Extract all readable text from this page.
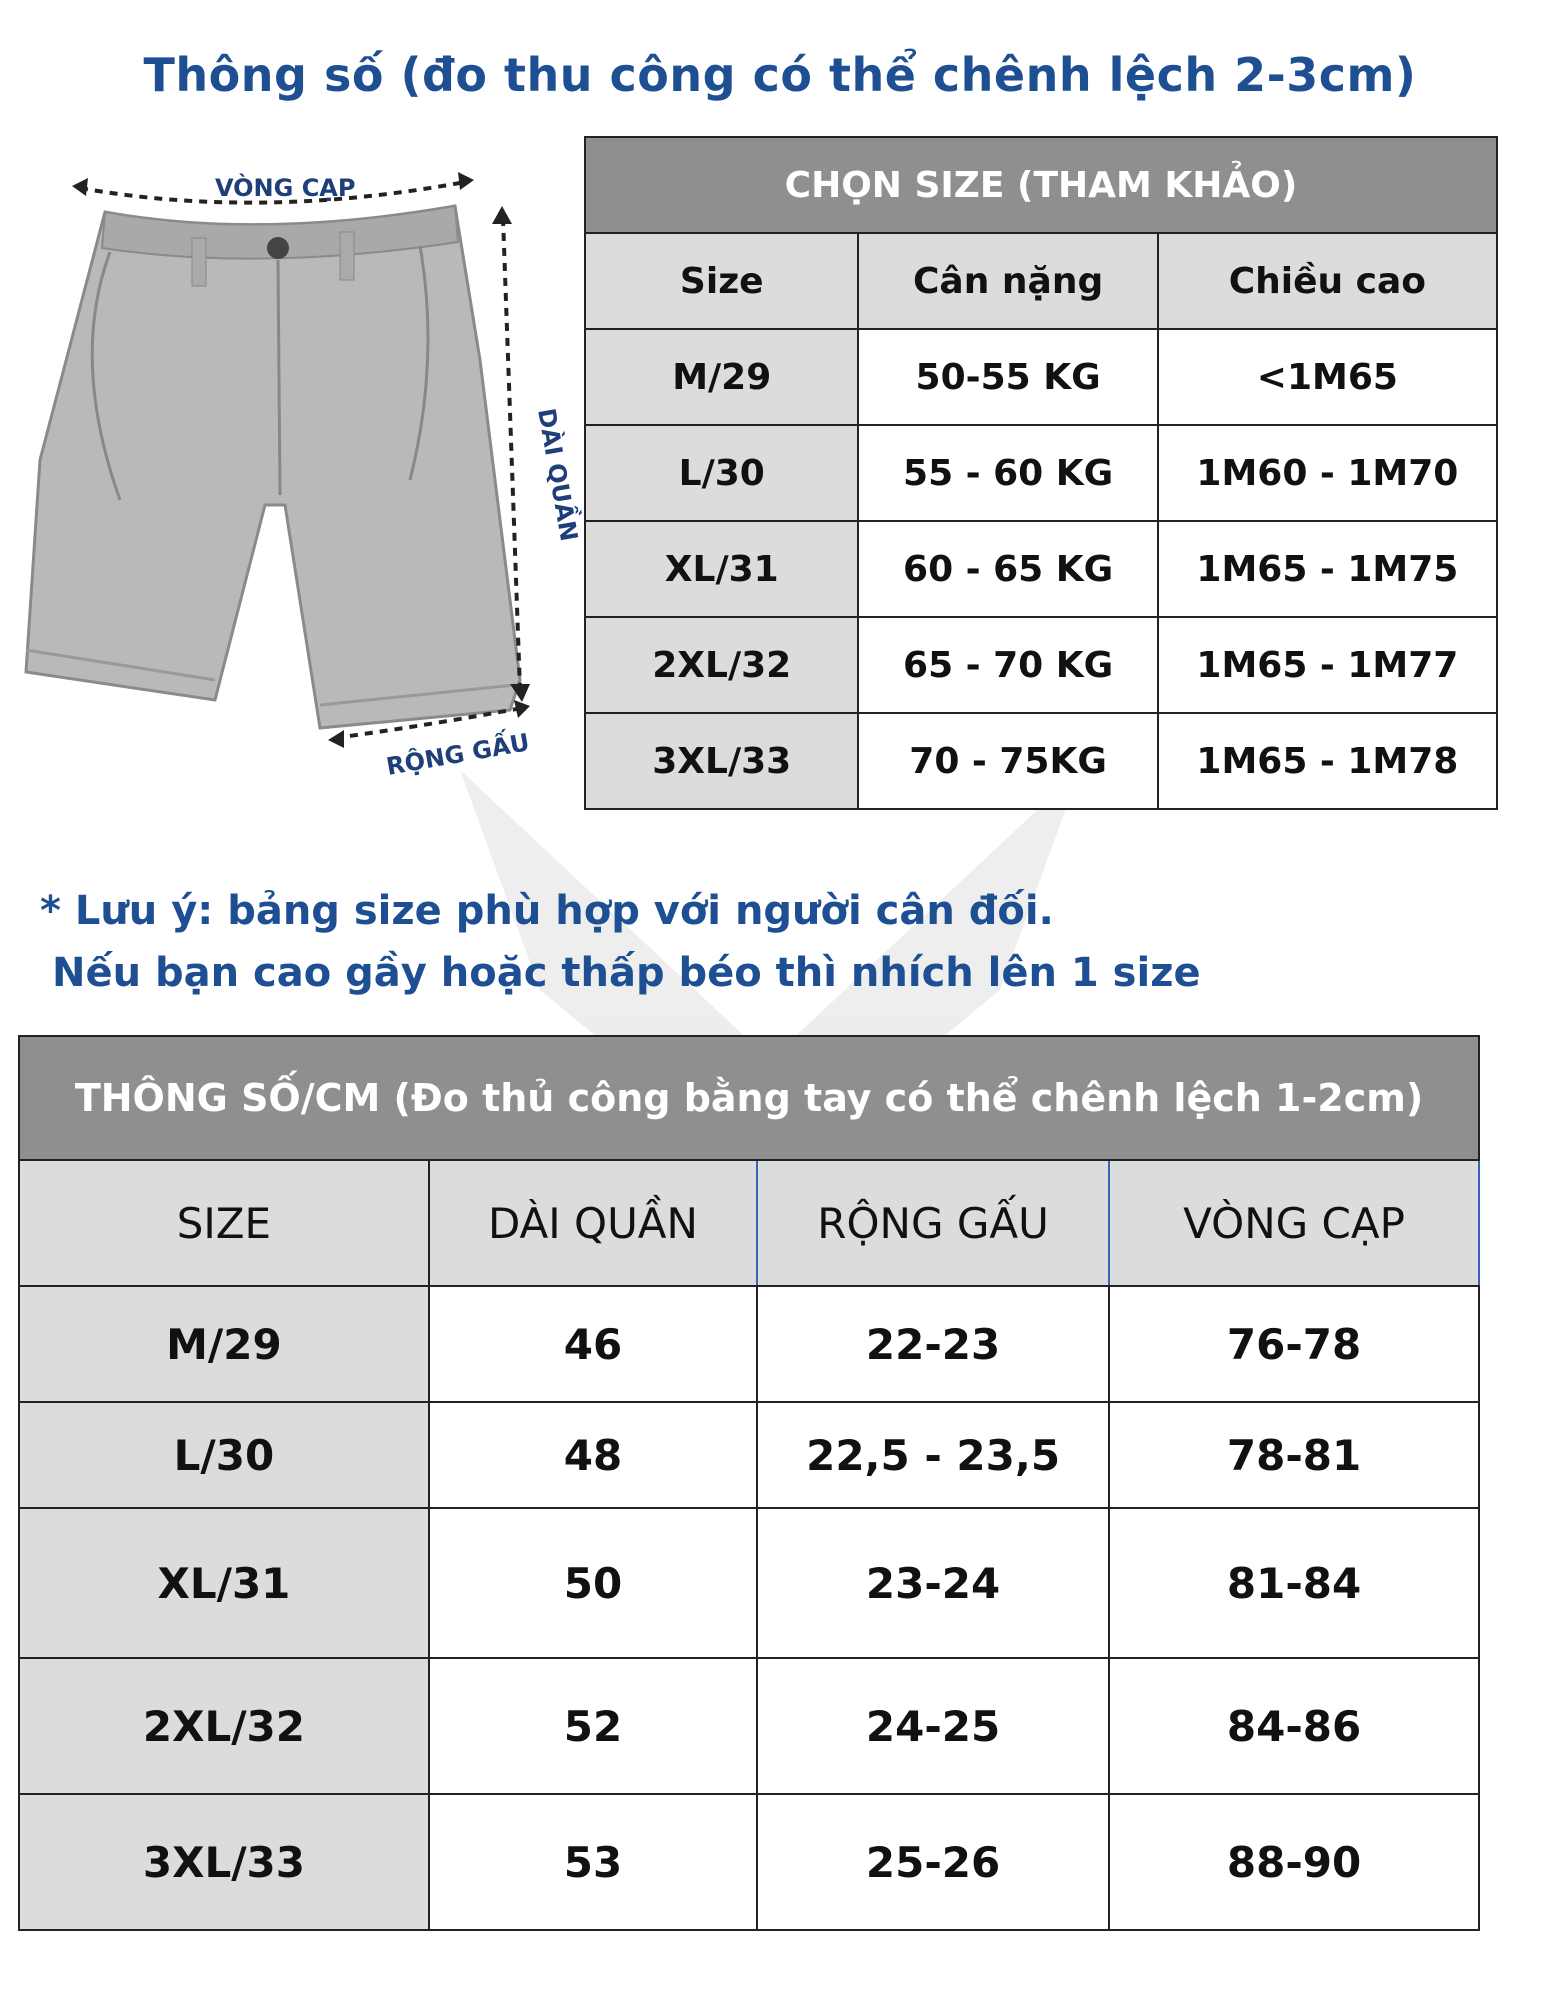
Thông số (đo thu công có thể chênh lệch 2-3cm)
VÒNG CẠP
DÀI QUẦN
RỘNG GẤU
CHỌN SIZE (THAM KHẢO)		
Size	Cân nặng	Chiều cao
M/29	50-55 KG	<1M65
L/30	55 - 60 KG	1M60 - 1M70
XL/31	60 - 65 KG	1M65 - 1M75
2XL/32	65 - 70 KG	1M65 - 1M77
3XL/33	70 - 75KG	1M65 - 1M78
* Lưu ý: bảng size phù hợp với người cân đối.
Nếu bạn cao gầy hoặc thấp béo thì nhích lên 1 size
THÔNG SỐ/CM (Đo thủ công bằng tay có thể chênh lệch 1-2cm)			
SIZE	DÀI QUẦN	RỘNG GẤU	VÒNG CẠP
M/29	46	22-23	76-78
L/30	48	22,5 - 23,5	78-81
XL/31	50	23-24	81-84
2XL/32	52	24-25	84-86
3XL/33	53	25-26	88-90
